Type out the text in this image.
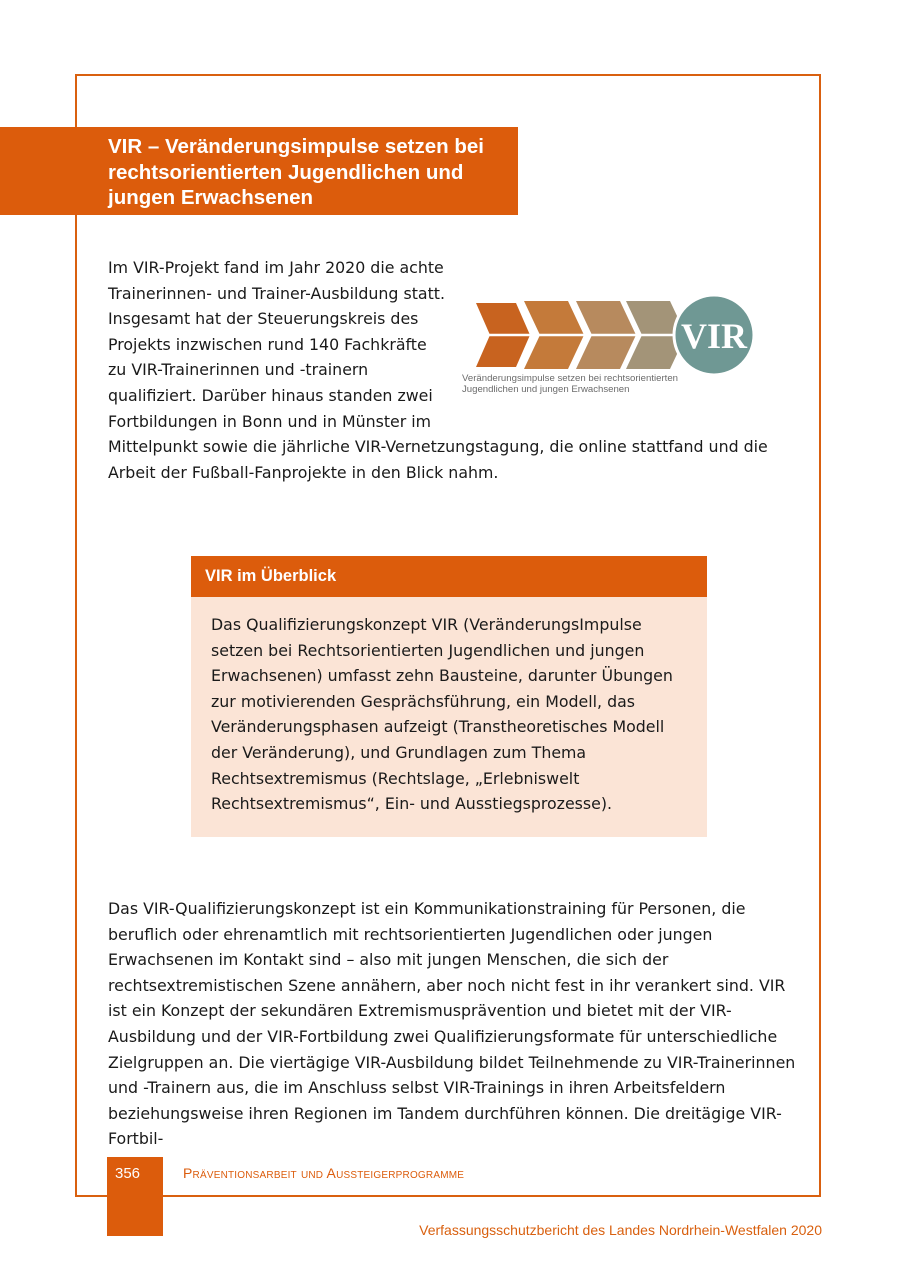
VIR – Veränderungsimpulse setzen bei rechtsorientierten Jugendlichen und jungen Erwachsenen
VIR
Veränderungsimpulse setzen bei rechtsorientierten
Jugendlichen und jungen Erwachsenen
Im VIR-Projekt fand im Jahr 2020 die achte Trainerinnen- und Trainer-Ausbildung statt. Insgesamt hat der Steuerungskreis des Projekts inzwischen rund 140 Fachkräfte zu VIR-Trainerinnen und -trainern qualifiziert. Darüber hinaus standen zwei Fortbildungen in Bonn und in Münster im Mittelpunkt sowie die jährliche VIR-Vernetzungstagung, die online stattfand und die Arbeit der Fußball-Fanprojekte in den Blick nahm.
VIR im Überblick
Das Qualifizierungskonzept VIR (VeränderungsImpulse setzen bei Rechtsorientierten Jugendlichen und jungen Erwachsenen) umfasst zehn Bausteine, darunter Übungen zur motivierenden Gesprächsführung, ein Modell, das Veränderungsphasen aufzeigt (Transtheoretisches Modell der Veränderung), und Grundlagen zum Thema Rechtsextremismus (Rechtslage, „Erlebniswelt Rechtsextremismus“, Ein- und Ausstiegsprozesse).
Das VIR-Qualifizierungskonzept ist ein Kommunikationstraining für Personen, die beruflich oder ehrenamtlich mit rechtsorientierten Jugendlichen oder jungen Erwachsenen im Kontakt sind – also mit jungen Menschen, die sich der rechtsextremistischen Szene annähern, aber noch nicht fest in ihr verankert sind. VIR ist ein Konzept der sekundären Extremismusprävention und bietet mit der VIR-Ausbildung und der VIR-Fortbildung zwei Qualifizierungsformate für unterschiedliche Zielgruppen an. Die viertägige VIR-Ausbildung bildet Teilnehmende zu VIR-Trainerinnen und -Trainern aus, die im Anschluss selbst VIR-Trainings in ihren Arbeitsfeldern beziehungsweise ihren Regionen im Tandem durchführen können. Die dreitägige VIR-Fortbil-
356	Präventionsarbeit und Aussteigerprogramme
Verfassungsschutzbericht des Landes Nordrhein-Westfalen 2020
